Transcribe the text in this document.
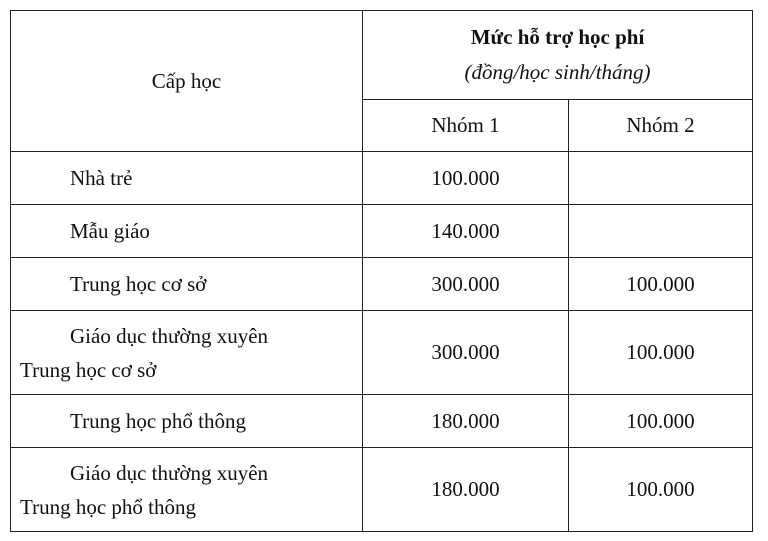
Cấp học	Mức hỗ trợ học phí
(đồng/học sinh/tháng)	

	Nhóm 1	Nhóm 2
Nhà trẻ	100.000	
Mẫu giáo	140.000	
Trung học cơ sở	300.000	100.000
Giáo dục thường xuyên
Trung học cơ sở	300.000	100.000
Trung học phổ thông	180.000	100.000
Giáo dục thường xuyên
Trung học phổ thông	180.000	100.000
